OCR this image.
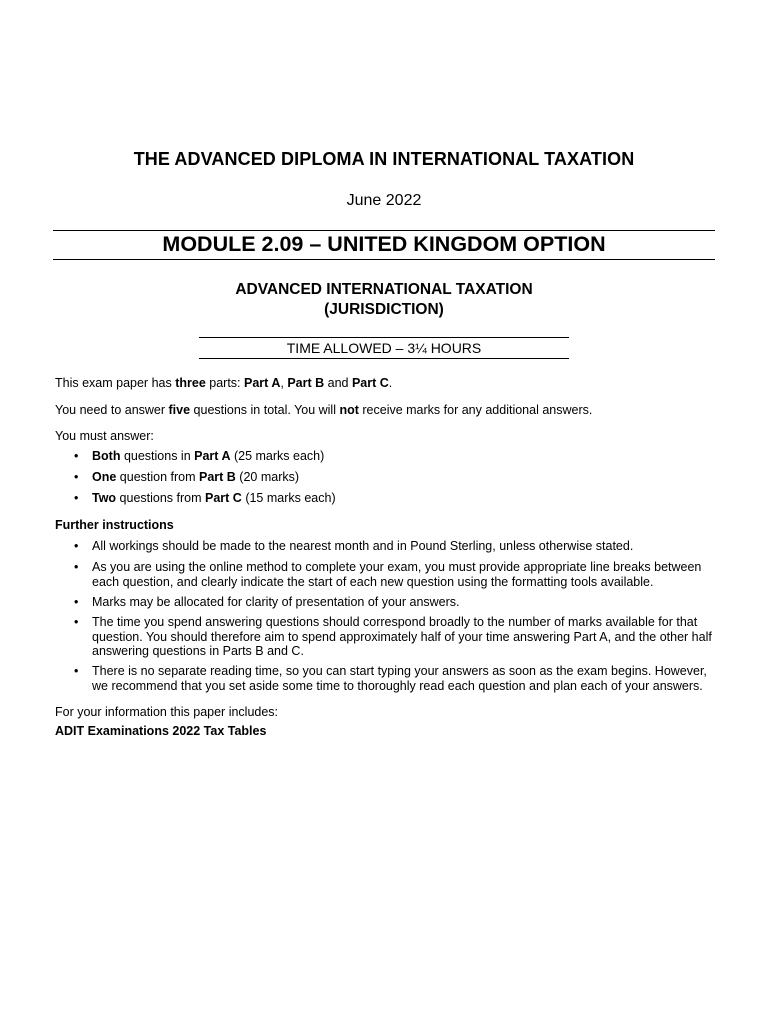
THE ADVANCED DIPLOMA IN INTERNATIONAL TAXATION
June 2022
MODULE 2.09 – UNITED KINGDOM OPTION
ADVANCED INTERNATIONAL TAXATION
(JURISDICTION)
TIME ALLOWED – 3¼ HOURS
This exam paper has three parts: Part A, Part B and Part C.
You need to answer five questions in total. You will not receive marks for any additional answers.
You must answer:
•	Both questions in Part A (25 marks each)
•	One question from Part B (20 marks)
•	Two questions from Part C (15 marks each)
Further instructions
•	All workings should be made to the nearest month and in Pound Sterling, unless otherwise stated.
•	As you are using the online method to complete your exam, you must provide appropriate line breaks between each question, and clearly indicate the start of each new question using the formatting tools available.
•	Marks may be allocated for clarity of presentation of your answers.
•	The time you spend answering questions should correspond broadly to the number of marks available for that question. You should therefore aim to spend approximately half of your time answering Part A, and the other half answering questions in Parts B and C.
•	There is no separate reading time, so you can start typing your answers as soon as the exam begins. However, we recommend that you set aside some time to thoroughly read each question and plan each of your answers.
For your information this paper includes:
ADIT Examinations 2022 Tax Tables
